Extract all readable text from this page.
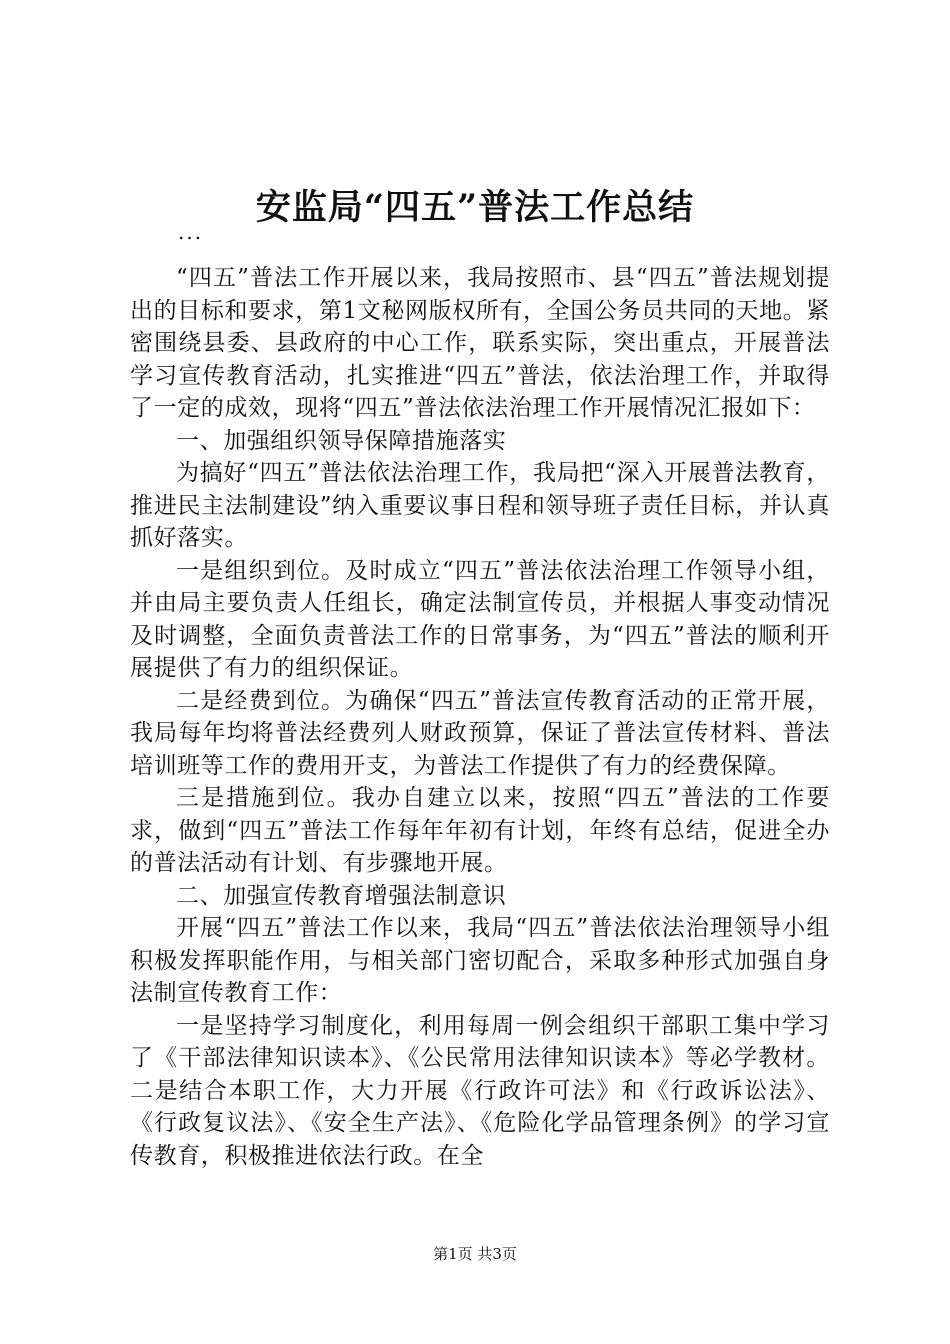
安监局“四五”普法工作总结
...

“四五”普法工作开展以来，我局按照市、县“四五”普法规划提出的目标和要求，第1文秘网版权所有，全国公务员共同的天地。紧密围绕县委、县政府的中心工作，联系实际，突出重点，开展普法学习宣传教育活动，扎实推进“四五”普法，依法治理工作，并取得了一定的成效，现将“四五”普法依法治理工作开展情况汇报如下：

一、加强组织领导保障措施落实

为搞好“四五”普法依法治理工作，我局把“深入开展普法教育，推进民主法制建设”纳入重要议事日程和领导班子责任目标，并认真抓好落实。

一是组织到位。及时成立“四五”普法依法治理工作领导小组，并由局主要负责人任组长，确定法制宣传员，并根据人事变动情况及时调整，全面负责普法工作的日常事务，为“四五”普法的顺利开展提供了有力的组织保证。

二是经费到位。为确保“四五”普法宣传教育活动的正常开展，我局每年均将普法经费列人财政预算，保证了普法宣传材料、普法培训班等工作的费用开支，为普法工作提供了有力的经费保障。

三是措施到位。我办自建立以来，按照“四五”普法的工作要求，做到“四五”普法工作每年年初有计划，年终有总结，促进全办的普法活动有计划、有步骤地开展。

二、加强宣传教育增强法制意识

开展“四五”普法工作以来，我局“四五”普法依法治理领导小组积极发挥职能作用，与相关部门密切配合，采取多种形式加强自身法制宣传教育工作：

一是坚持学习制度化，利用每周一例会组织干部职工集中学习了《干部法律知识读本》、《公民常用法律知识读本》等必学教材。二是结合本职工作，大力开展《行政许可法》和《行政诉讼法》、《行政复议法》、《安全生产法》、《危险化学品管理条例》的学习宣传教育，积极推进依法行政。在全

第1页 共3页
